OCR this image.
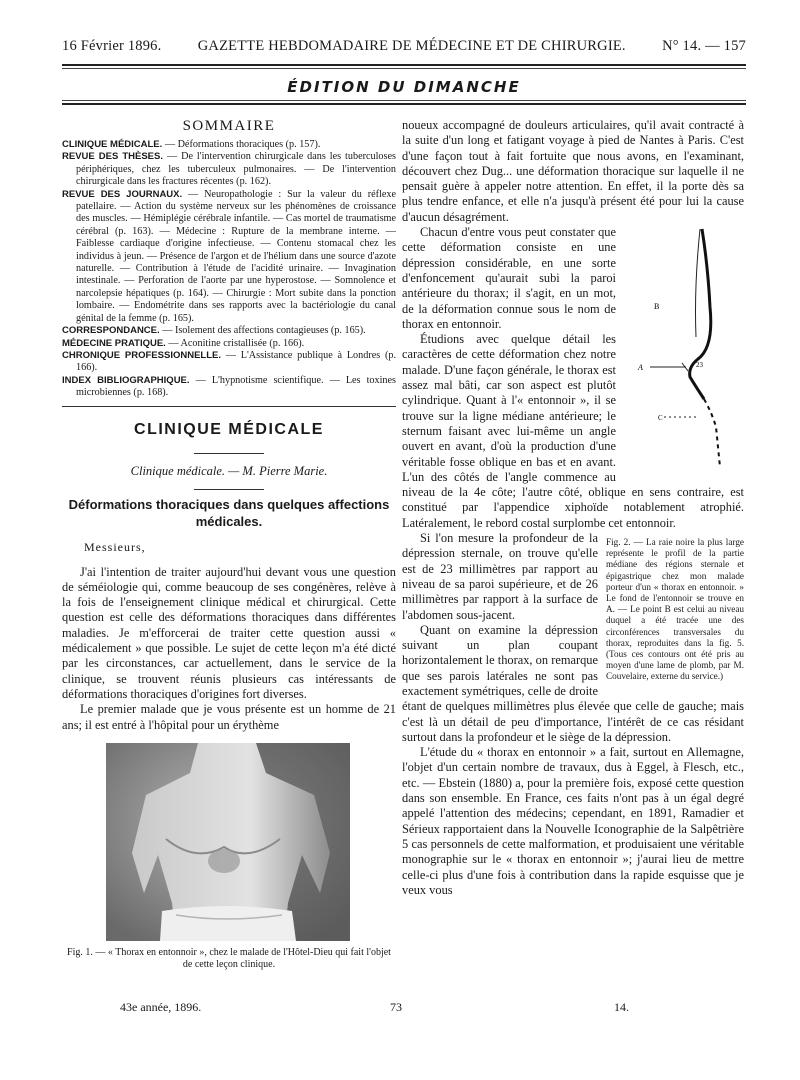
16 Février 1896.	GAZETTE HEBDOMADAIRE DE MÉDECINE ET DE CHIRURGIE.	N° 14. — 157
ÉDITION DU DIMANCHE
SOMMAIRE
CLINIQUE MÉDICALE. — Déformations thoraciques (p. 157).
REVUE DES THÈSES. — De l'intervention chirurgicale dans les tuberculoses périphériques, chez les tuberculeux pulmonaires. — De l'intervention chirurgicale dans les fractures récentes (p. 162).
REVUE DES JOURNAUX. — Neuropathologie : Sur la valeur du réflexe patellaire. — Action du système nerveux sur les phénomènes de croissance des muscles. — Hémiplégie cérébrale infantile. — Cas mortel de traumatisme cérébral (p. 163). — Médecine : Rupture de la membrane interne. — Faiblesse cardiaque d'origine infectieuse. — Contenu stomacal chez les individus à jeun. — Présence de l'argon et de l'hélium dans une source d'azote naturelle. — Contribution à l'étude de l'acidité urinaire. — Invagination intestinale. — Perforation de l'aorte par une hyperostose. — Somnolence et narcolepsie hépatiques (p. 164). — Chirurgie : Mort subite dans la ponction lombaire. — Endométrite dans ses rapports avec la bactériologie du canal génital de la femme (p. 165).
CORRESPONDANCE. — Isolement des affections contagieuses (p. 165).
MÉDECINE PRATIQUE. — Aconitine cristallisée (p. 166).
CHRONIQUE PROFESSIONNELLE. — L'Assistance publique à Londres (p. 166).
INDEX BIBLIOGRAPHIQUE. — L'hypnotisme scientifique. — Les toxines microbiennes (p. 168).
CLINIQUE MÉDICALE
Clinique médicale. — M. Pierre Marie.
Déformations thoraciques dans quelques affections médicales.
Messieurs,

J'ai l'intention de traiter aujourd'hui devant vous une question de séméiologie qui, comme beaucoup de ses congénères, relève à la fois de l'enseignement clinique médical et chirurgical. Cette question est celle des déformations thoraciques dans différentes maladies. Je m'efforcerai de traiter cette question aussi « médicalement » que possible. Le sujet de cette leçon m'a été dicté par les circonstances, car actuellement, dans le service de la clinique, se trouvent réunis plusieurs cas intéressants de déformations thoraciques d'origines fort diverses.

Le premier malade que je vous présente est un homme de 21 ans; il est entré à l'hôpital pour un érythème

Fig. 1. — « Thorax en entonnoir », chez le malade de l'Hôtel-Dieu qui fait l'objet de cette leçon clinique.

noueux accompagné de douleurs articulaires, qu'il avait contracté à la suite d'un long et fatigant voyage à pied de Nantes à Paris. C'est d'une façon tout à fait fortuite que nous avons, en l'examinant, découvert chez Dug... une déformation thoracique sur laquelle il ne pensait guère à appeler notre attention. En effet, il la porte dès sa plus tendre enfance, et elle n'a jusqu'à présent été pour lui la cause d'aucun désagrément.

B
A	23
C

Chacun d'entre vous peut constater que cette déformation consiste en une dépression considérable, en une sorte d'enfoncement qu'aurait subi la paroi antérieure du thorax; il s'agit, en un mot, de la déformation connue sous le nom de thorax en entonnoir.

Étudions avec quelque détail les caractères de cette déformation chez notre malade. D'une façon générale, le thorax est assez mal bâti, car son aspect est plutôt cylindrique. Quant à l'« entonnoir », il se trouve sur la ligne médiane antérieure; le sternum faisant avec lui-même un angle ouvert en avant, d'où la production d'une véritable fosse oblique en bas et en avant. L'un des côtés de l'angle commence au niveau de la 4e côte; l'autre côté, oblique en sens contraire, est constitué par l'appendice xiphoïde notablement atrophié. Latéralement, le rebord costal surplombe cet entonnoir.

Fig. 2. — La raie noire la plus large représente le profil de la partie médiane des régions sternale et épigastrique chez mon malade porteur d'un « thorax en entonnoir. » Le fond de l'entonnoir se trouve en A. — Le point B est celui au niveau duquel a été tracée une des circonférences transversales du thorax, reproduites dans la fig. 5. (Tous ces contours ont été pris au moyen d'une lame de plomb, par M. Couvelaire, externe du service.)

Si l'on mesure la profondeur de la dépression sternale, on trouve qu'elle est de 23 millimètres par rapport au niveau de sa paroi supérieure, et de 26 millimètres par rapport à la surface de l'abdomen sous-jacent.

Quant on examine la dépression suivant un plan coupant horizontalement le thorax, on remarque que ses parois latérales ne sont pas exactement symétriques, celle de droite étant de quelques millimètres plus élevée que celle de gauche; mais c'est là un détail de peu d'importance, l'intérêt de ce cas résidant surtout dans la profondeur et le siège de la dépression.

L'étude du « thorax en entonnoir » a fait, surtout en Allemagne, l'objet d'un certain nombre de travaux, dus à Eggel, à Flesch, etc., etc. — Ebstein (1880) a, pour la première fois, exposé cette question dans son ensemble. En France, ces faits n'ont pas à un égal degré appelé l'attention des médecins; cependant, en 1891, Ramadier et Sérieux rapportaient dans la Nouvelle Iconographie de la Salpêtrière 5 cas personnels de cette malformation, et produisaient une véritable monographie sur le « thorax en entonnoir »; j'aurai lieu de mettre celle-ci plus d'une fois à contribution dans la rapide esquisse que je veux vous

43e année, 1896.	73	14.
